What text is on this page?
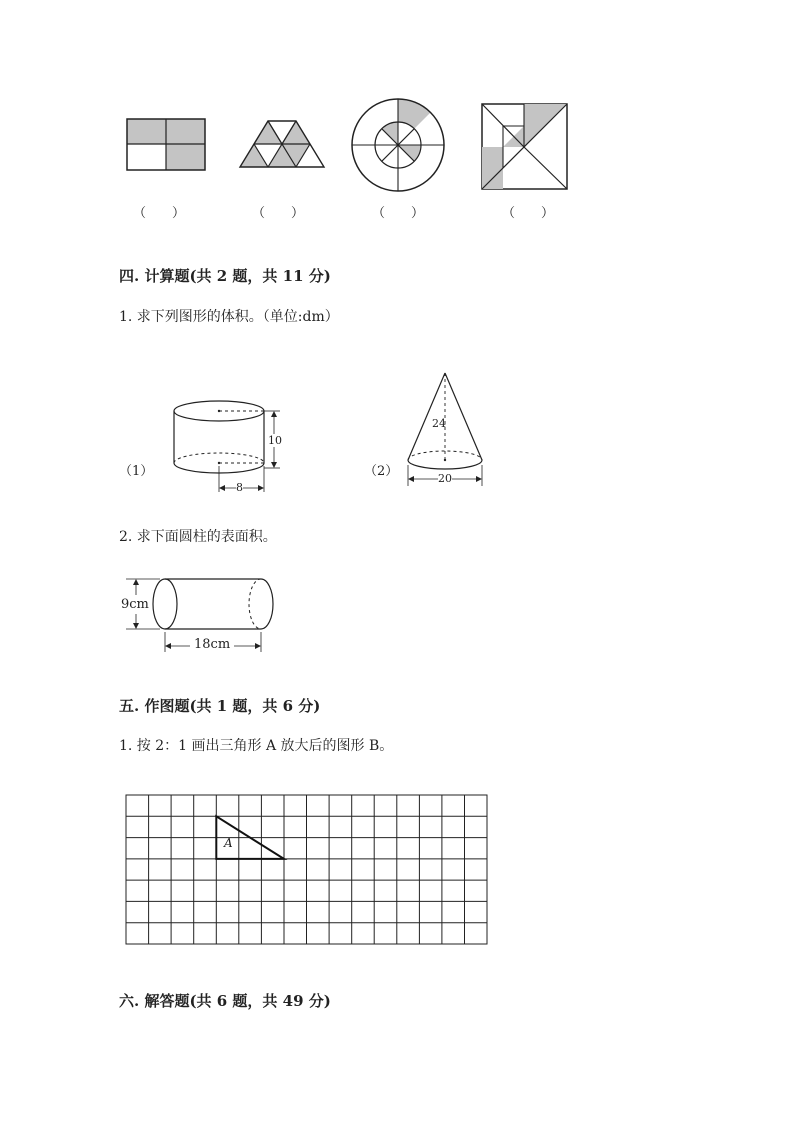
（　　）	（　　）	（　　）	（　　）
四. 计算题(共 2 题，共 11 分)
1. 求下列图形的体积。（单位:dm）
（1）
10
8
（2）
24
20
2. 求下面圆柱的表面积。
9cm
18cm
五. 作图题(共 1 题，共 6 分)
1. 按 2：1 画出三角形 A 放大后的图形 B。
A
六. 解答题(共 6 题，共 49 分)
